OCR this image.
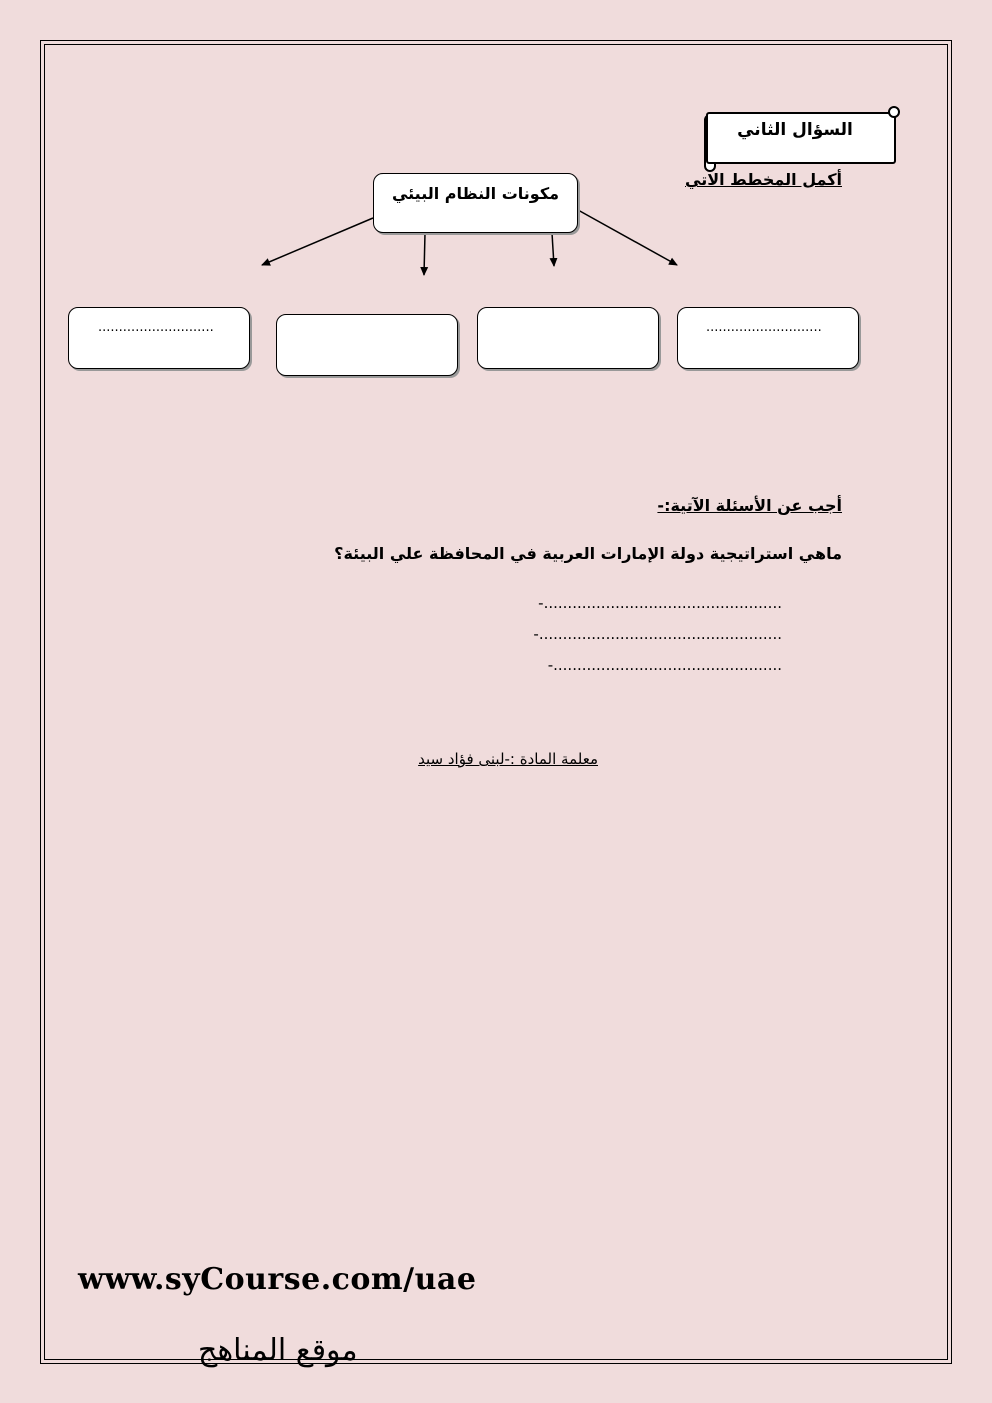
السؤال الثاني
أكمل المخطط الاتي
مكونات النظام البيئي
............................	............................
أجب عن الأسئلة الآتية:-
ماهي استراتيجية دولة الإمارات العربية في المحافظة علي البيئة؟
-..................................................
-...................................................
-................................................
معلمة المادة :-لبنى فؤاد سيد
www.syCourse.com/uae
موقع المناهج
